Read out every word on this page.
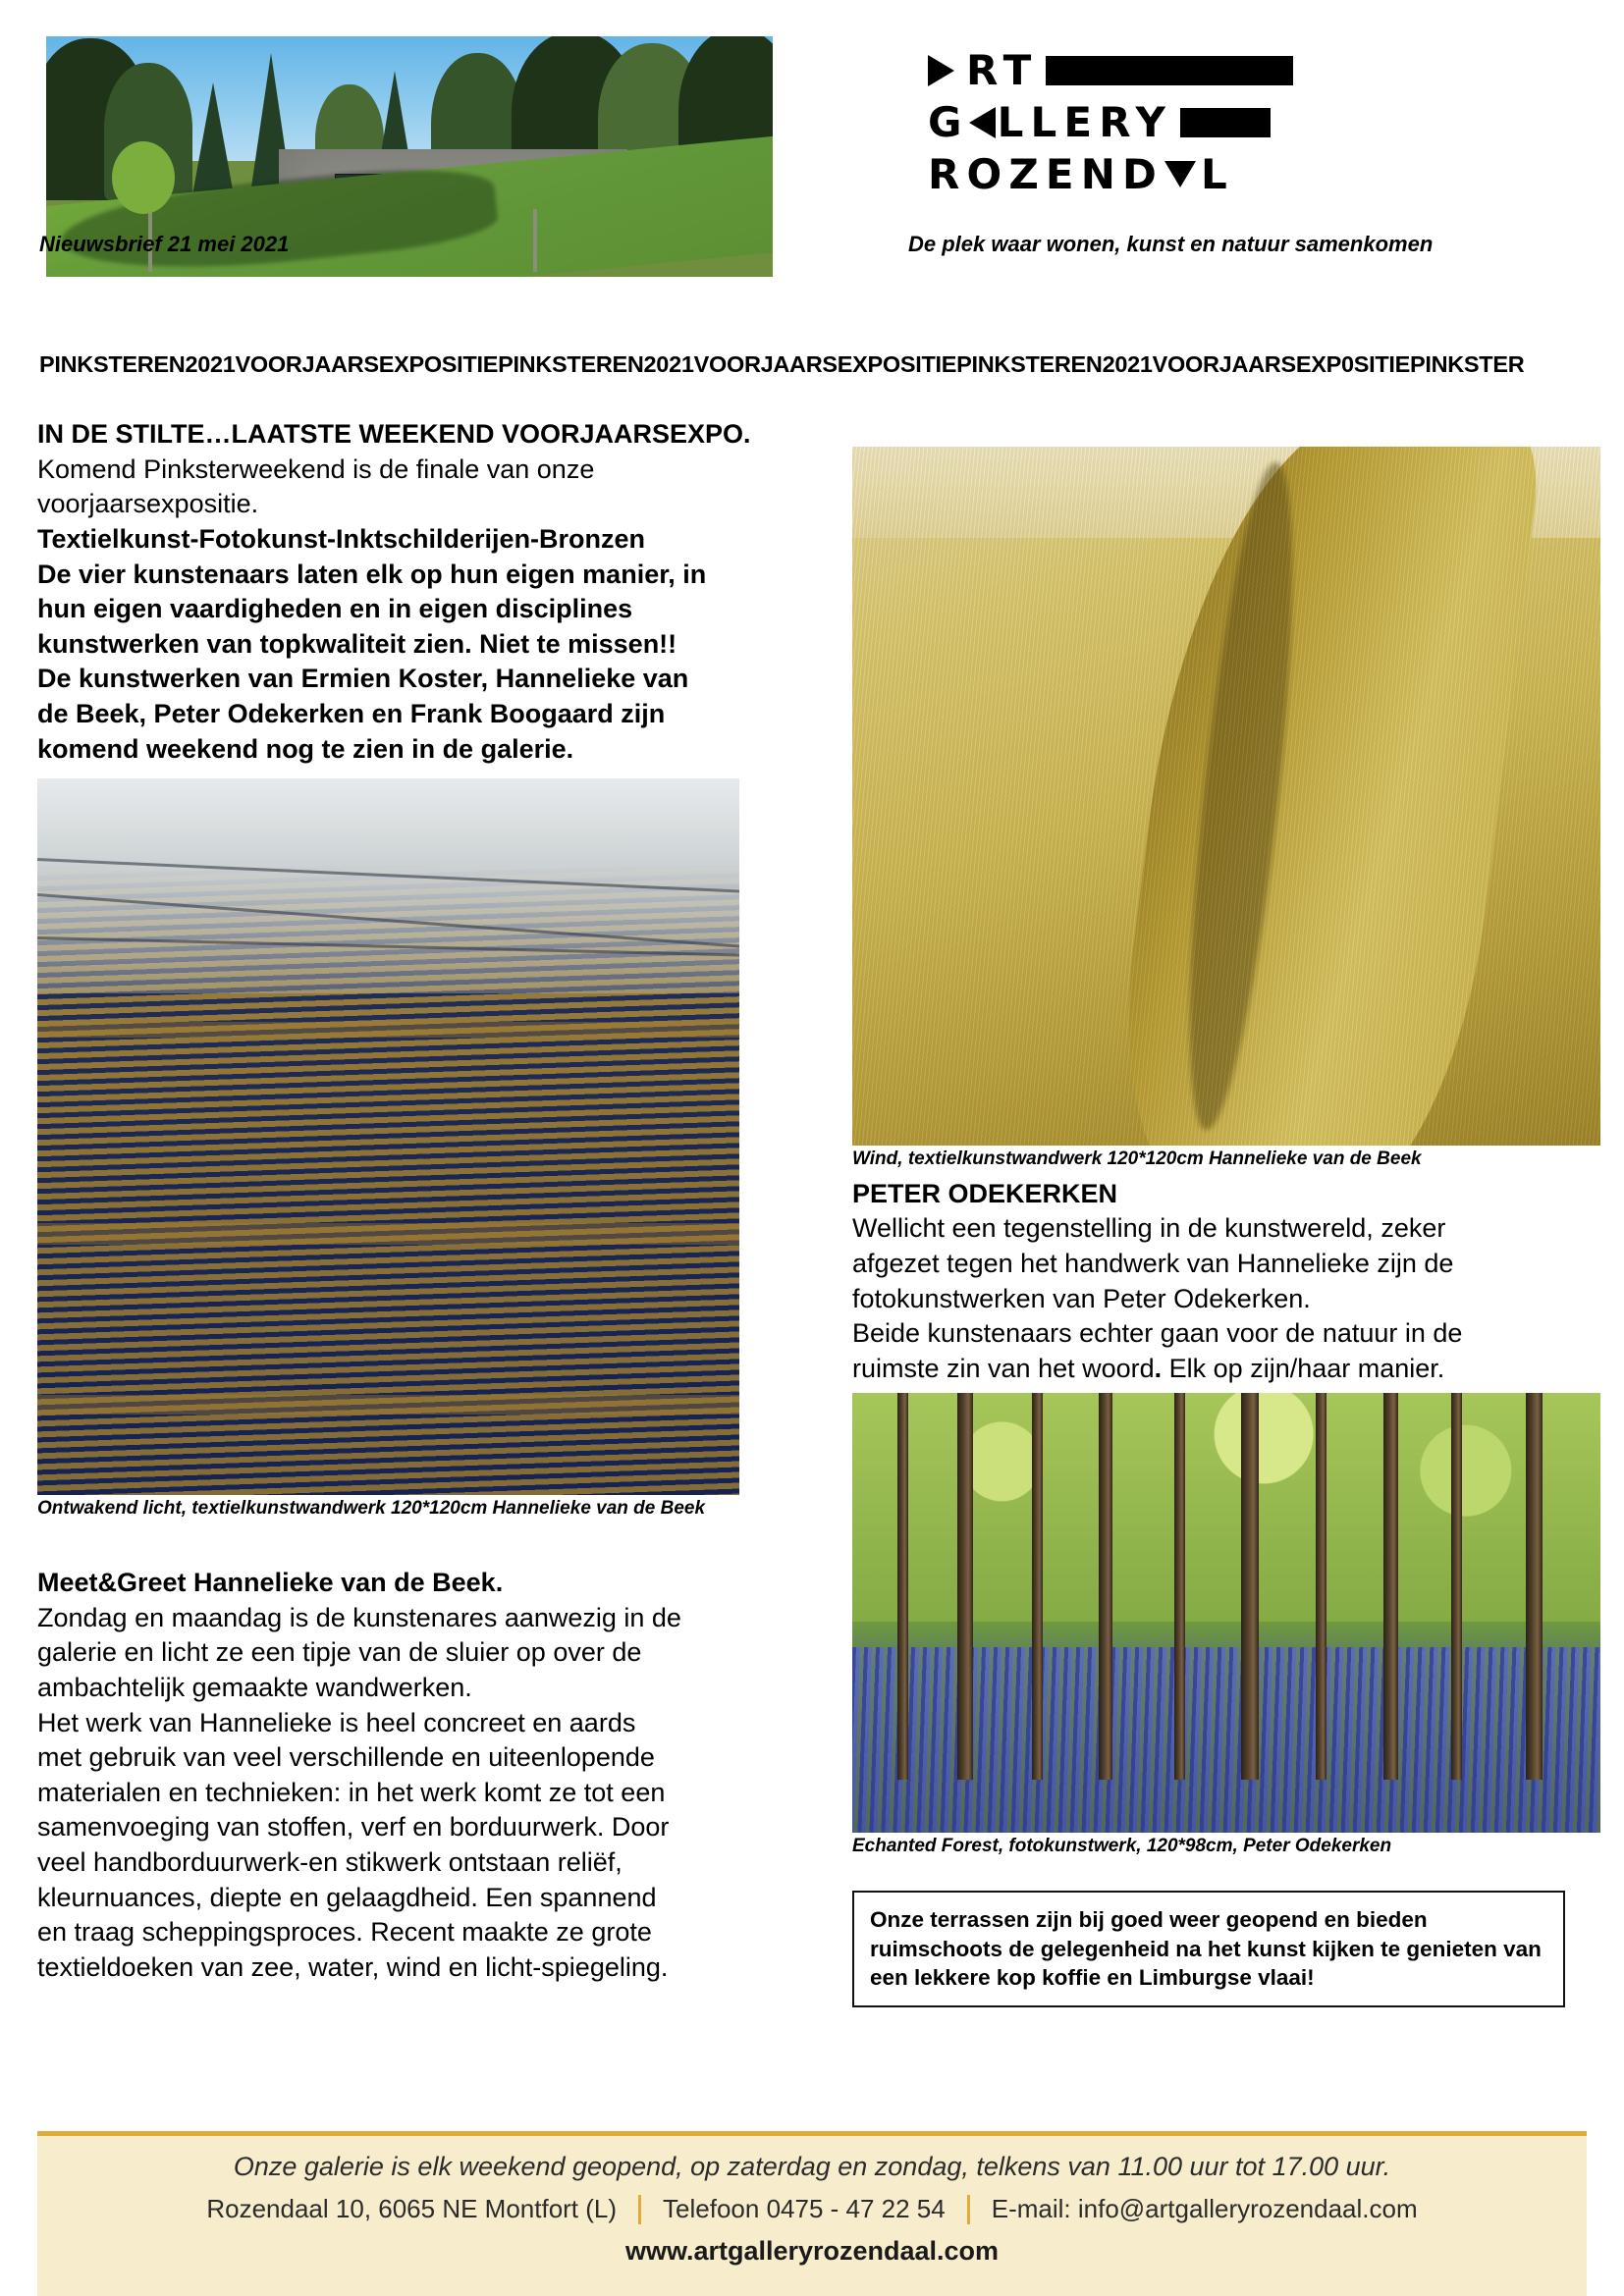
RT
G LLERY
ROZEND L
Nieuwsbrief 21 mei 2021	De plek waar wonen, kunst en natuur samenkomen
PINKSTEREN2021VOORJAARSEXPOSITIEPINKSTEREN2021VOORJAARSEXPOSITIEPINKSTEREN2021VOORJAARSEXP0SITIEPINKSTER

IN DE STILTE…LAATSTE WEEKEND VOORJAARSEXPO.

Komend Pinksterweekend is de finale van onze

voorjaarsexpositie.

Textielkunst-Fotokunst-Inktschilderijen-Bronzen

De vier kunstenaars laten elk op hun eigen manier, in

hun eigen vaardigheden en in eigen disciplines

kunstwerken van topkwaliteit zien. Niet te missen!!

De kunstwerken van Ermien Koster, Hannelieke van

de Beek, Peter Odekerken en Frank Boogaard zijn

komend weekend nog te zien in de galerie.

Ontwakend licht, textielkunstwandwerk 120*120cm Hannelieke van de Beek

Meet&Greet Hannelieke van de Beek.

Zondag en maandag is de kunstenares aanwezig in de

galerie en licht ze een tipje van de sluier op over de

ambachtelijk gemaakte wandwerken.

Het werk van Hannelieke is heel concreet en aards

met gebruik van veel verschillende en uiteenlopende

materialen en technieken: in het werk komt ze tot een

samenvoeging van stoffen, verf en borduurwerk. Door

veel handborduurwerk-en stikwerk ontstaan reliëf,

kleurnuances, diepte en gelaagdheid. Een spannend

en traag scheppingsproces. Recent maakte ze grote

textieldoeken van zee, water, wind en licht-spiegeling.

Wind, textielkunstwandwerk 120*120cm Hannelieke van de Beek

PETER ODEKERKEN

Wellicht een tegenstelling in de kunstwereld, zeker

afgezet tegen het handwerk van Hannelieke zijn de

fotokunstwerken van Peter Odekerken.

Beide kunstenaars echter gaan voor de natuur in de

ruimste zin van het woord. Elk op zijn/haar manier.

Echanted Forest, fotokunstwerk, 120*98cm, Peter Odekerken

Onze terrassen zijn bij goed weer geopend en bieden

ruimschoots de gelegenheid na het kunst kijken te genieten van

een lekkere kop koffie en Limburgse vlaai!

Onze galerie is elk weekend geopend, op zaterdag en zondag, telkens van 11.00 uur tot 17.00 uur.
Rozendaal 10, 6065 NE Montfort (L)	Telefoon 0475 - 47 22 54	E-mail: info@artgalleryrozendaal.com
www.artgalleryrozendaal.com
